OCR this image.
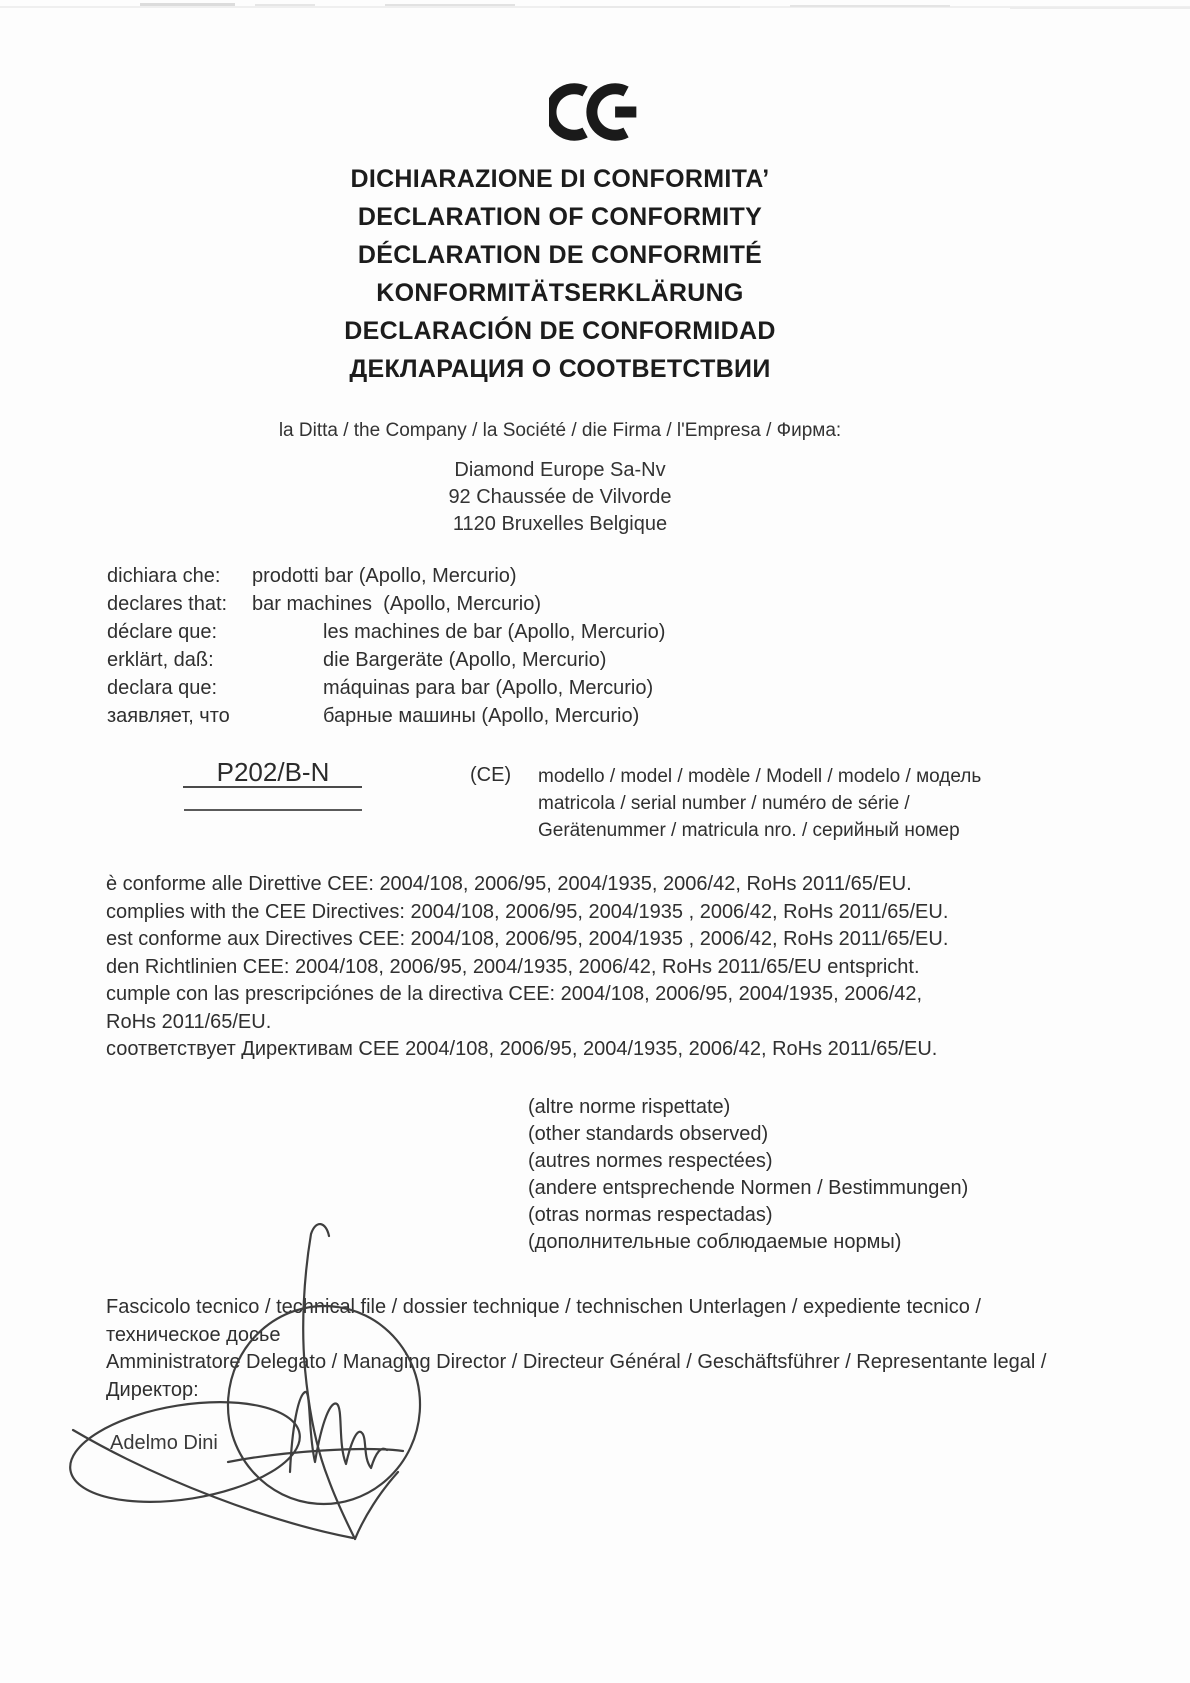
DICHIARAZIONE DI CONFORMITA’
DECLARATION OF CONFORMITY
DÉCLARATION DE CONFORMITÉ
KONFORMITÄTSERKLÄRUNG
DECLARACIÓN DE CONFORMIDAD
ДЕКЛАРАЦИЯ О СООТВЕТСТВИИ
la Ditta / the Company / la Société / die Firma / l'Empresa / Фирма:
Diamond Europe Sa-Nv
92 Chaussée de Vilvorde
1120 Bruxelles Belgique
dichiara che: prodotti bar (Apollo, Mercurio)
declares that: bar machines  (Apollo, Mercurio)
déclare que:	les machines de bar (Apollo, Mercurio)
erklärt, daß:	die Bargeräte (Apollo, Mercurio)
declara que:	máquinas para bar (Apollo, Mercurio)
заявляет, что	барные машины (Apollo, Mercurio)
P202/B-N	(CE) modello / model / modèle / Modell / modelo / модель
matricola / serial number / numéro de série /
Gerätenummer / matricula nro. / серийный номер
è conforme alle Direttive CEE: 2004/108, 2006/95, 2004/1935, 2006/42, RoHs 2011/65/EU.
complies with the CEE Directives: 2004/108, 2006/95, 2004/1935 , 2006/42, RoHs 2011/65/EU.
est conforme aux Directives CEE: 2004/108, 2006/95, 2004/1935 , 2006/42, RoHs 2011/65/EU.
den Richtlinien CEE: 2004/108, 2006/95, 2004/1935, 2006/42, RoHs 2011/65/EU entspricht.
cumple con las prescripciónes de la directiva CEE: 2004/108, 2006/95, 2004/1935, 2006/42,
RoHs 2011/65/EU.
соответствует Директивам CEE 2004/108, 2006/95, 2004/1935, 2006/42, RoHs 2011/65/EU.
(altre norme rispettate)
(other standards observed)
(autres normes respectées)
(andere entsprechende Normen / Bestimmungen)
(otras normas respectadas)
(дополнительные соблюдаемые нормы)
Fascicolo tecnico / technical file / dossier technique / technischen Unterlagen / expediente tecnico /
техническое досье
Amministratore Delegato / Managing Director / Directeur Général / Geschäftsführer / Representante legal /
Директор:
Adelmo Dini
